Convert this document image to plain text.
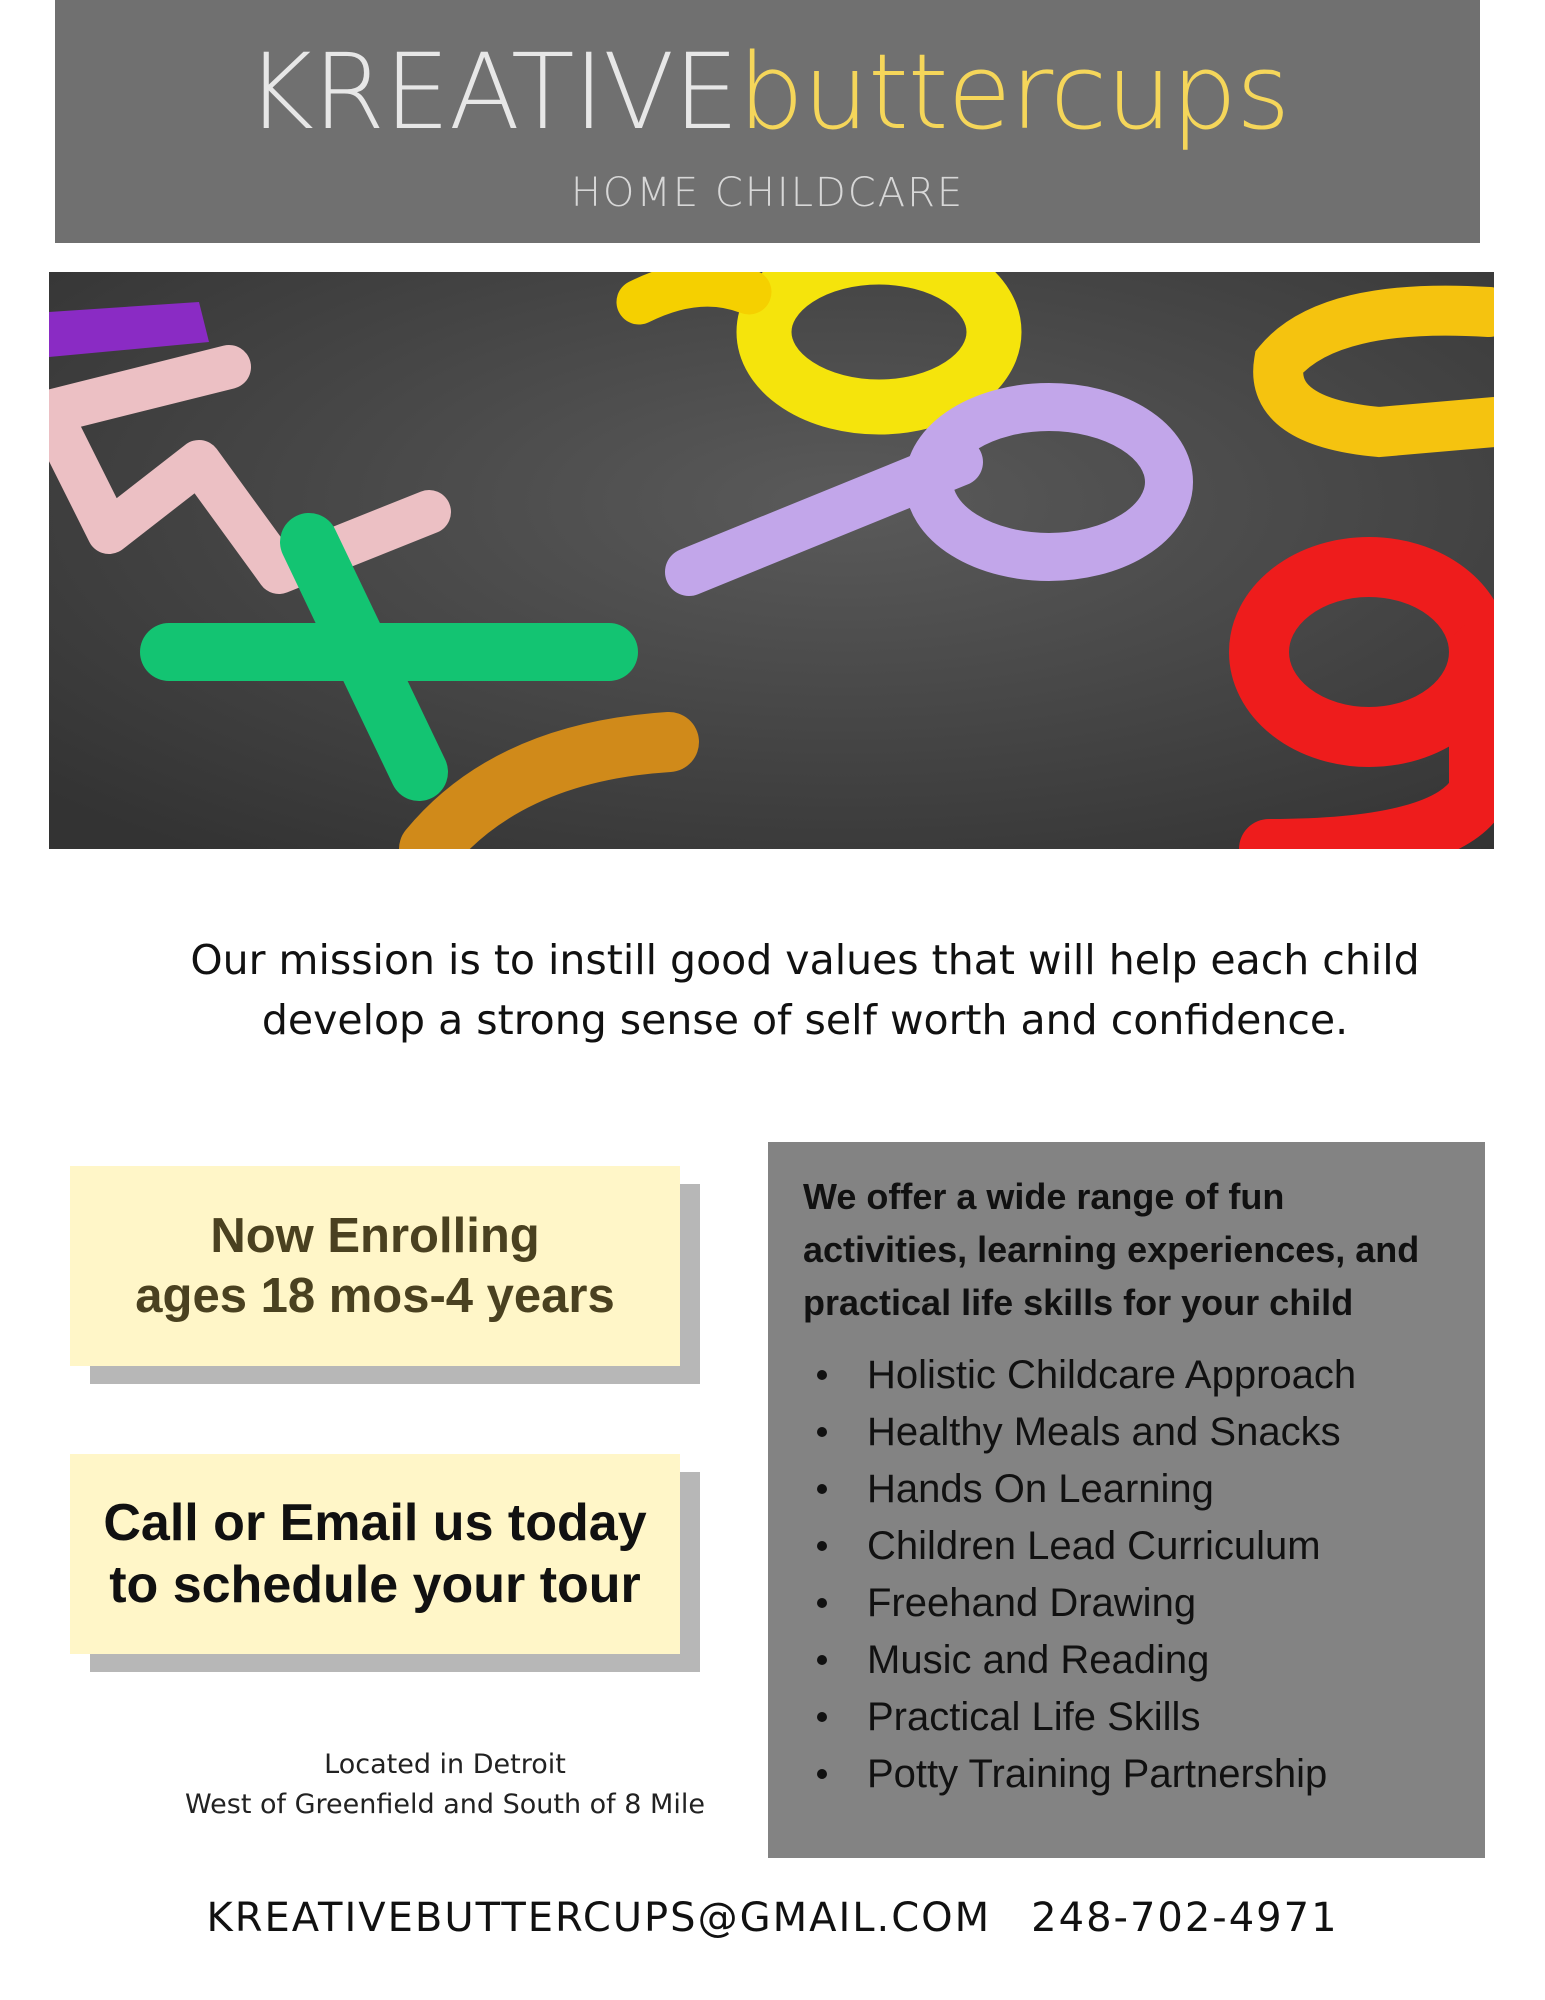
KREATIVEbuttercups
HOME CHILDCARE
Our mission is to instill good values that will help each child
develop a strong sense of self worth and confidence.
Now Enrolling
ages 18 mos-4 years
Call or Email us today
to schedule your tour
Located in Detroit
West of Greenfield and South of 8 Mile
We offer a wide range of fun
activities, learning experiences, and
practical life skills for your child
Holistic Childcare Approach
Healthy Meals and Snacks
Hands On Learning
Children Lead Curriculum
Freehand Drawing
Music and Reading
Practical Life Skills
Potty Training Partnership
KREATIVEBUTTERCUPS@GMAIL.COM 248-702-4971
